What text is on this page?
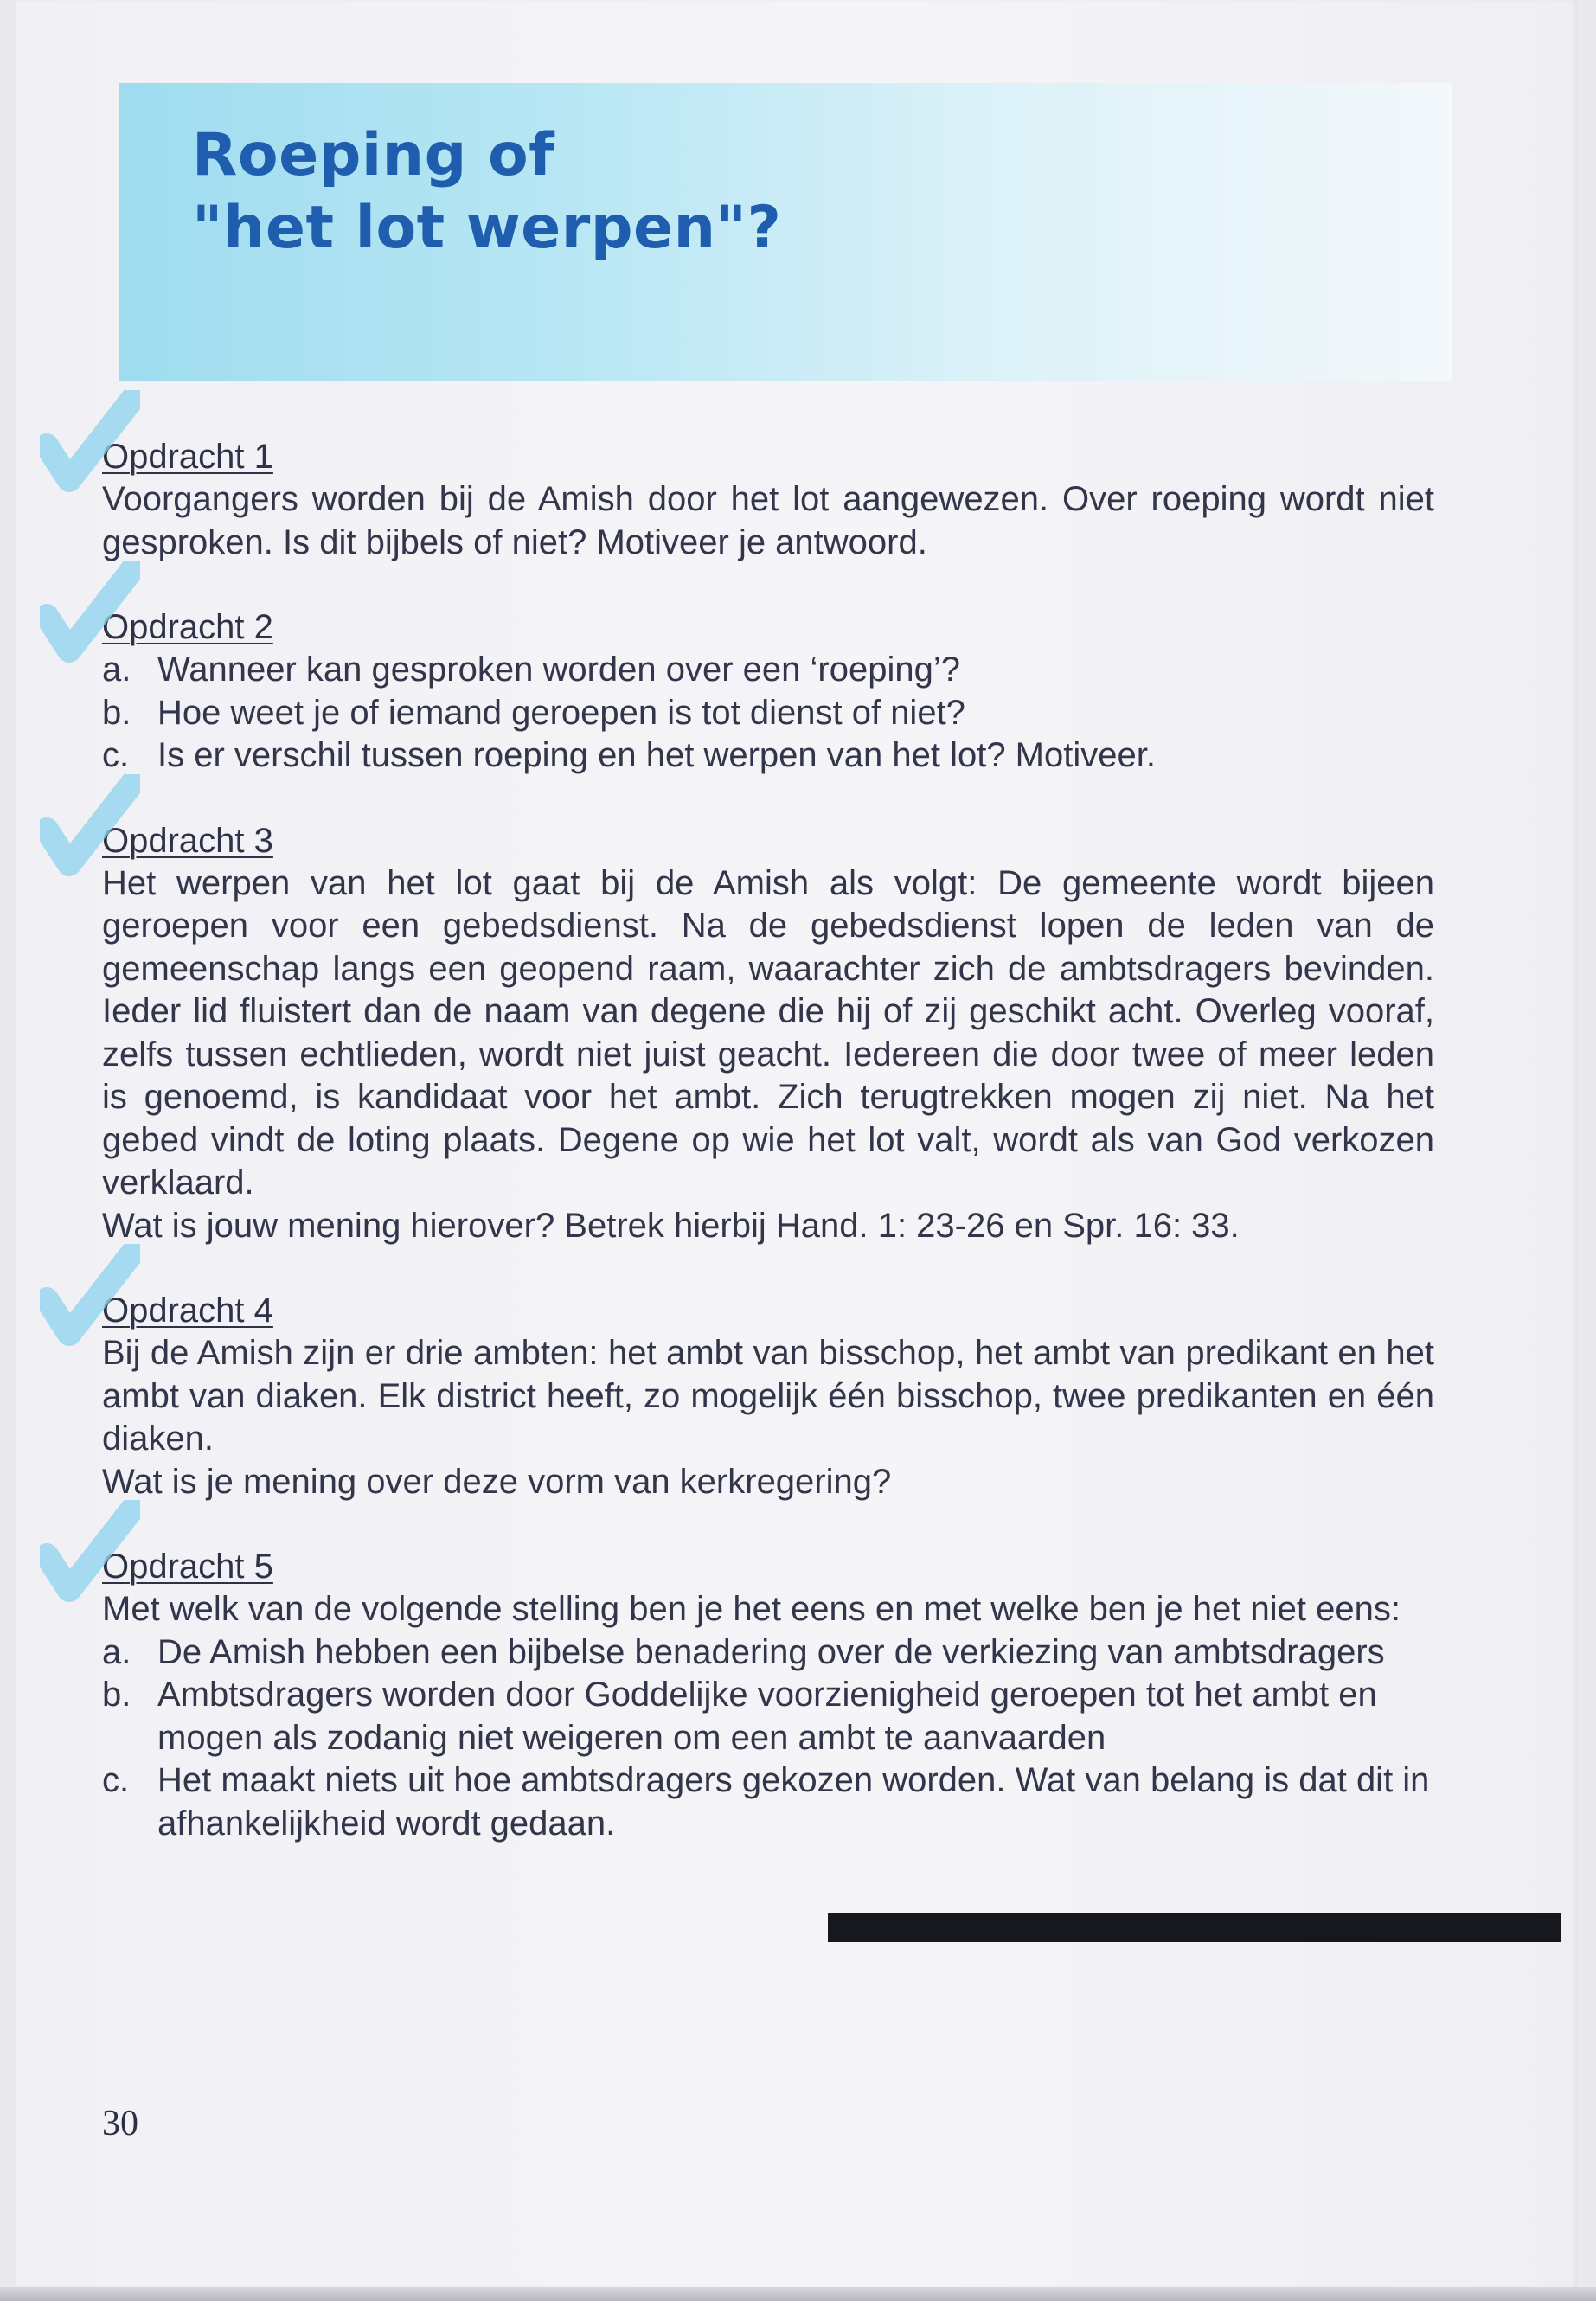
Roeping of
"het lot werpen"?
Opdracht 1

Voorgangers worden bij de Amish door het lot aangewezen. Over roeping wordt niet gesproken. Is dit bijbels of niet? Motiveer je antwoord.

Opdracht 2
a. Wanneer kan gesproken worden over een ‘roeping’?
b. Hoe weet je of iemand geroepen is tot dienst of niet?
c. Is er verschil tussen roeping en het werpen van het lot? Motiveer.
Opdracht 3

Het werpen van het lot gaat bij de Amish als volgt: De gemeente wordt bijeen geroepen voor een gebedsdienst. Na de gebedsdienst lopen de leden van de gemeenschap langs een geopend raam, waarachter zich de ambtsdragers bevinden. Ieder lid fluistert dan de naam van degene die hij of zij geschikt acht. Overleg vooraf, zelfs tussen echtlieden, wordt niet juist geacht. Iedereen die door twee of meer leden is genoemd, is kandidaat voor het ambt. Zich terugtrekken mogen zij niet. Na het gebed vindt de loting plaats. Degene op wie het lot valt, wordt als van God verkozen verklaard.

Wat is jouw mening hierover? Betrek hierbij Hand. 1: 23-26 en Spr. 16: 33.

Opdracht 4

Bij de Amish zijn er drie ambten: het ambt van bisschop, het ambt van predikant en het ambt van diaken. Elk district heeft, zo mogelijk één bisschop, twee predikanten en één diaken.

Wat is je mening over deze vorm van kerkregering?

Opdracht 5

Met welk van de volgende stelling ben je het eens en met welke ben je het niet eens:

a. De Amish hebben een bijbelse benadering over de verkiezing van ambtsdragers
b. Ambtsdragers worden door Goddelijke voorzienigheid geroepen tot het ambt en mogen als zodanig niet weigeren om een ambt te aanvaarden
c. Het maakt niets uit hoe ambtsdragers gekozen worden. Wat van belang is dat dit in afhankelijkheid wordt gedaan.

30
